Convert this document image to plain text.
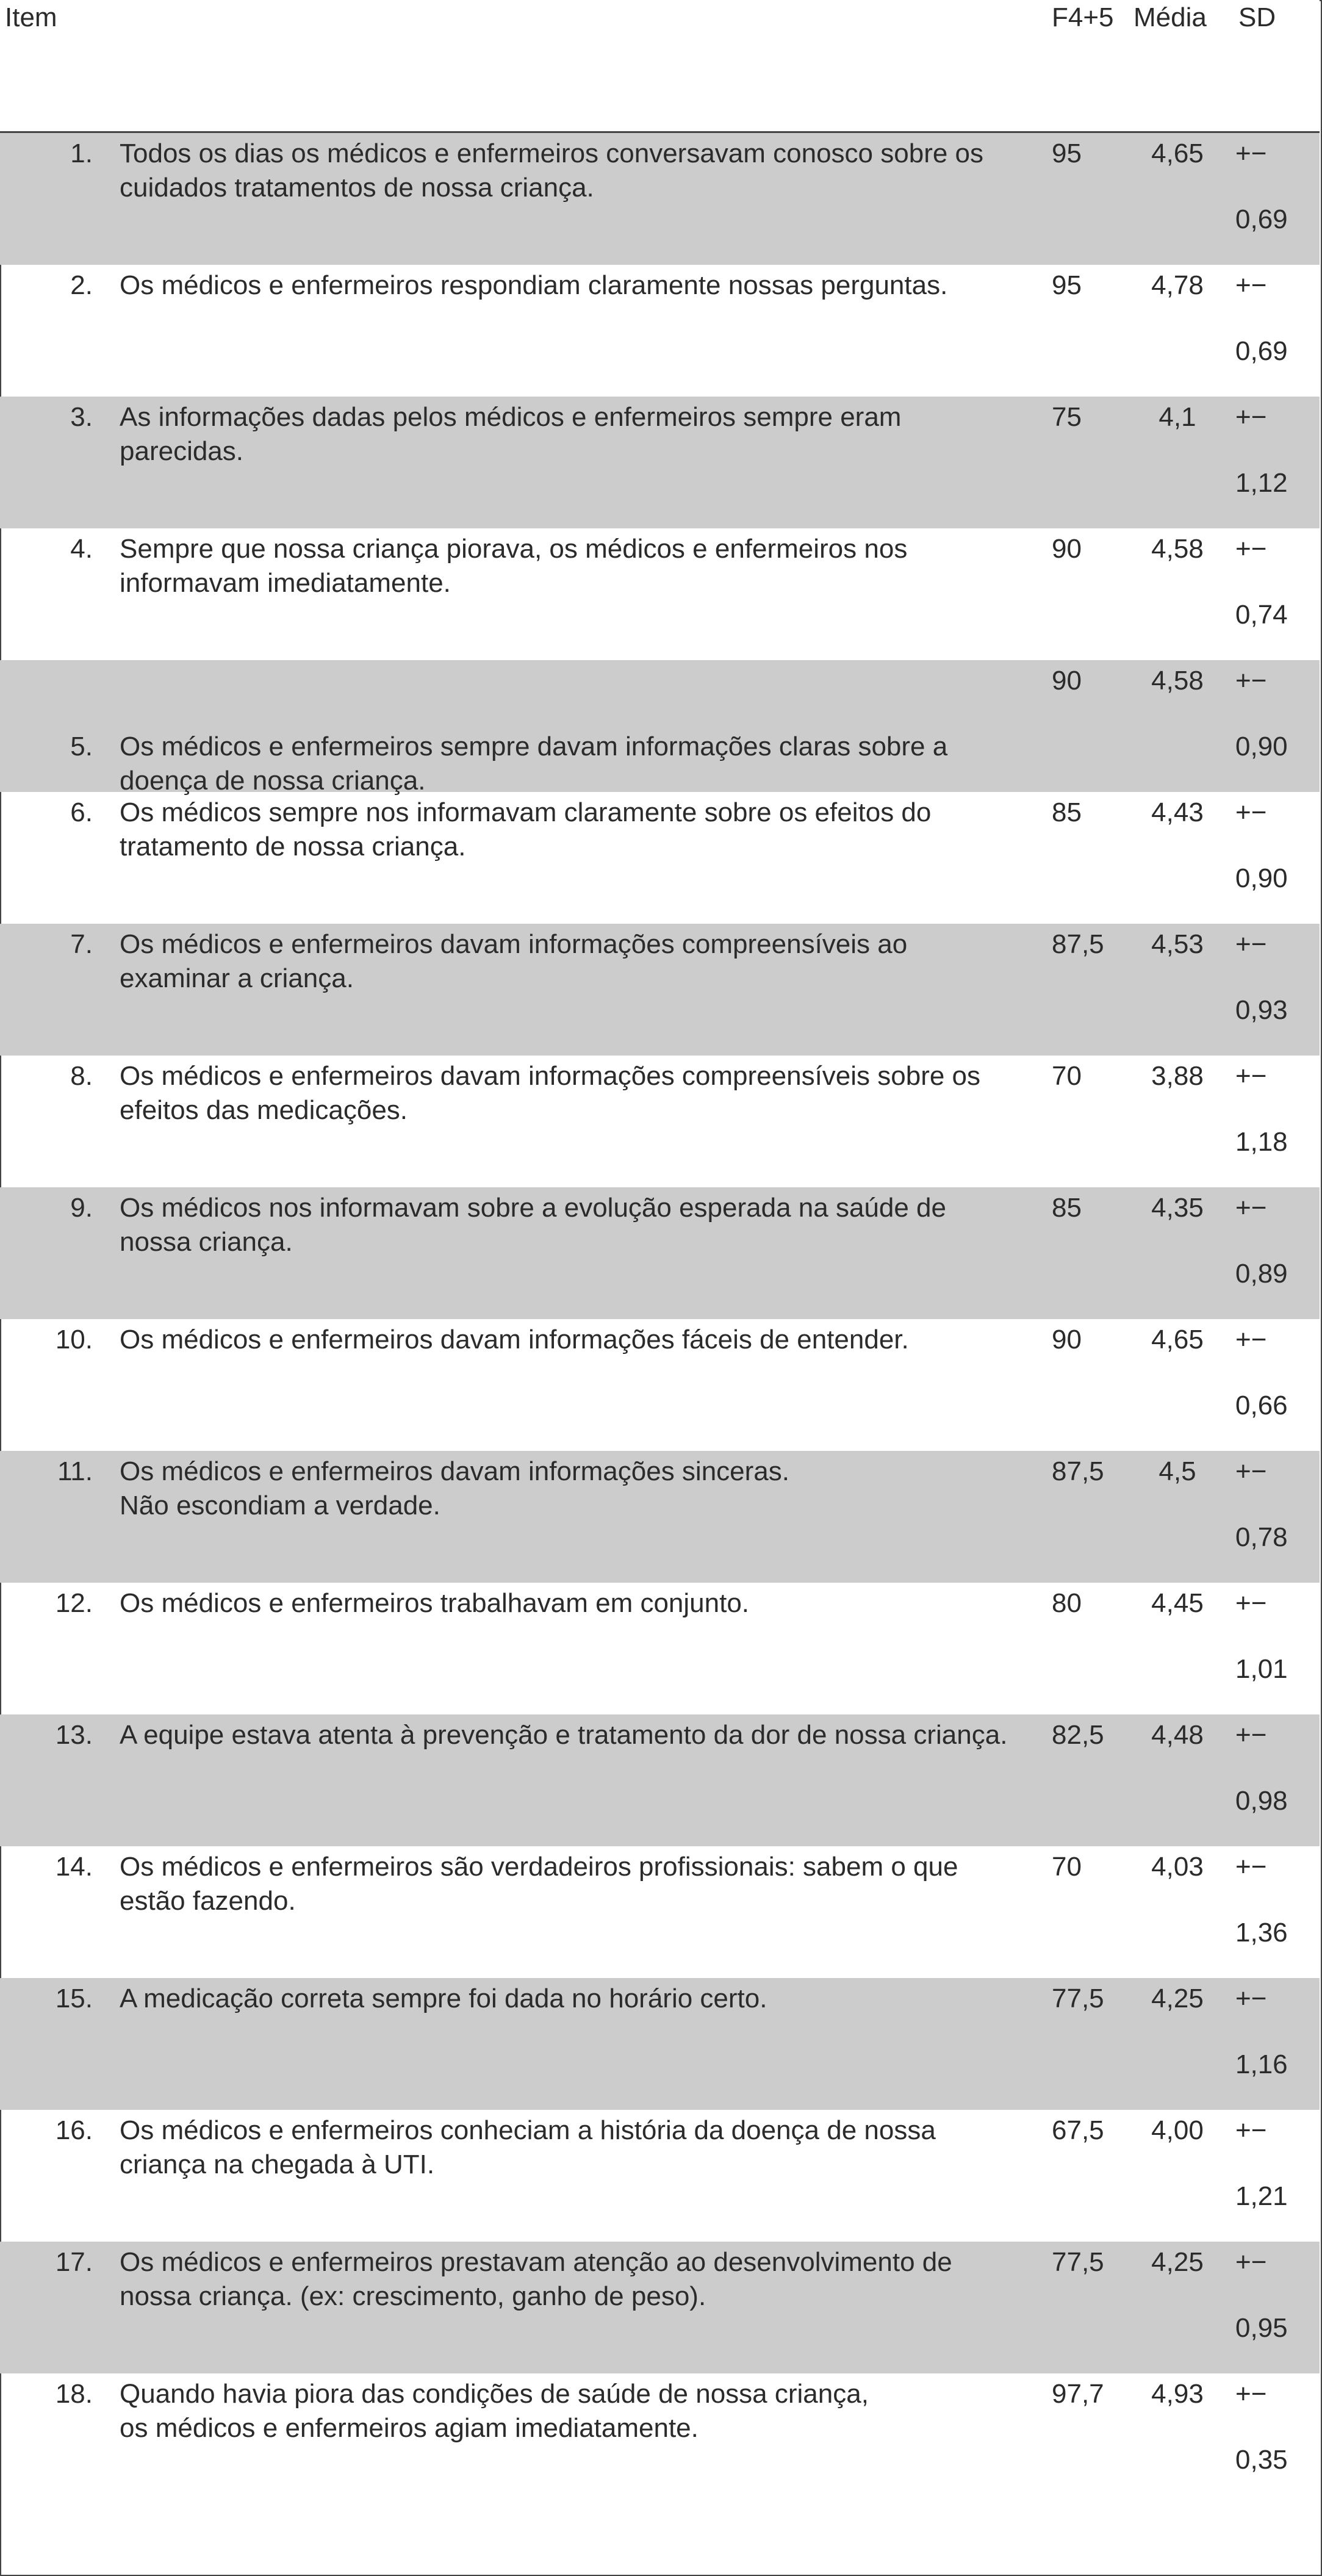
Item	F4+5 Média SD
1. Todos os dias os médicos e enfermeiros conversavam conosco sobre os cuidados tratamentos de nossa criança.
95	4,65	+−
0,69
2. Os médicos e enfermeiros respondiam claramente nossas perguntas.	95	4,78	+−
0,69
3. As informações dadas pelos médicos e enfermeiros sempre eram parecidas.
75	4,1	+−
1,12
4. Sempre que nossa criança piorava, os médicos e enfermeiros nos informavam imediatamente.
90	4,58	+−
0,74
5. Os médicos e enfermeiros sempre davam informações claras sobre a doença de nossa criança.
90	4,58	+−
0,90
6. Os médicos sempre nos informavam claramente sobre os efeitos do tratamento de nossa criança.
85	4,43	+−
0,90
7. Os médicos e enfermeiros davam informações compreensíveis ao examinar a criança.
87,5	4,53	+−
0,93
8. Os médicos e enfermeiros davam informações compreensíveis sobre os efeitos das medicações.
70	3,88	+−
1,18
9. Os médicos nos informavam sobre a evolução esperada na saúde de nossa criança.
85	4,35	+−
0,89
10. Os médicos e enfermeiros davam informações fáceis de entender.	90	4,65	+−
0,66
11. Os médicos e enfermeiros davam informações sinceras.
Não escondiam a verdade.
87,5	4,5	+−
0,78
12. Os médicos e enfermeiros trabalhavam em conjunto.	80	4,45	+−
1,01
13. A equipe estava atenta à prevenção e tratamento da dor de nossa criança.	82,5	4,48	+−
0,98
14. Os médicos e enfermeiros são verdadeiros profissionais: sabem o que estão fazendo.
70	4,03	+−
1,36
15. A medicação correta sempre foi dada no horário certo.	77,5	4,25	+−
1,16
16. Os médicos e enfermeiros conheciam a história da doença de nossa criança na chegada à UTI.
67,5	4,00	+−
1,21
17. Os médicos e enfermeiros prestavam atenção ao desenvolvimento de nossa criança. (ex: crescimento, ganho de peso).
77,5	4,25	+−
0,95
18. Quando havia piora das condições de saúde de nossa criança,
os médicos e enfermeiros agiam imediatamente.
97,7	4,93	+−
0,35
